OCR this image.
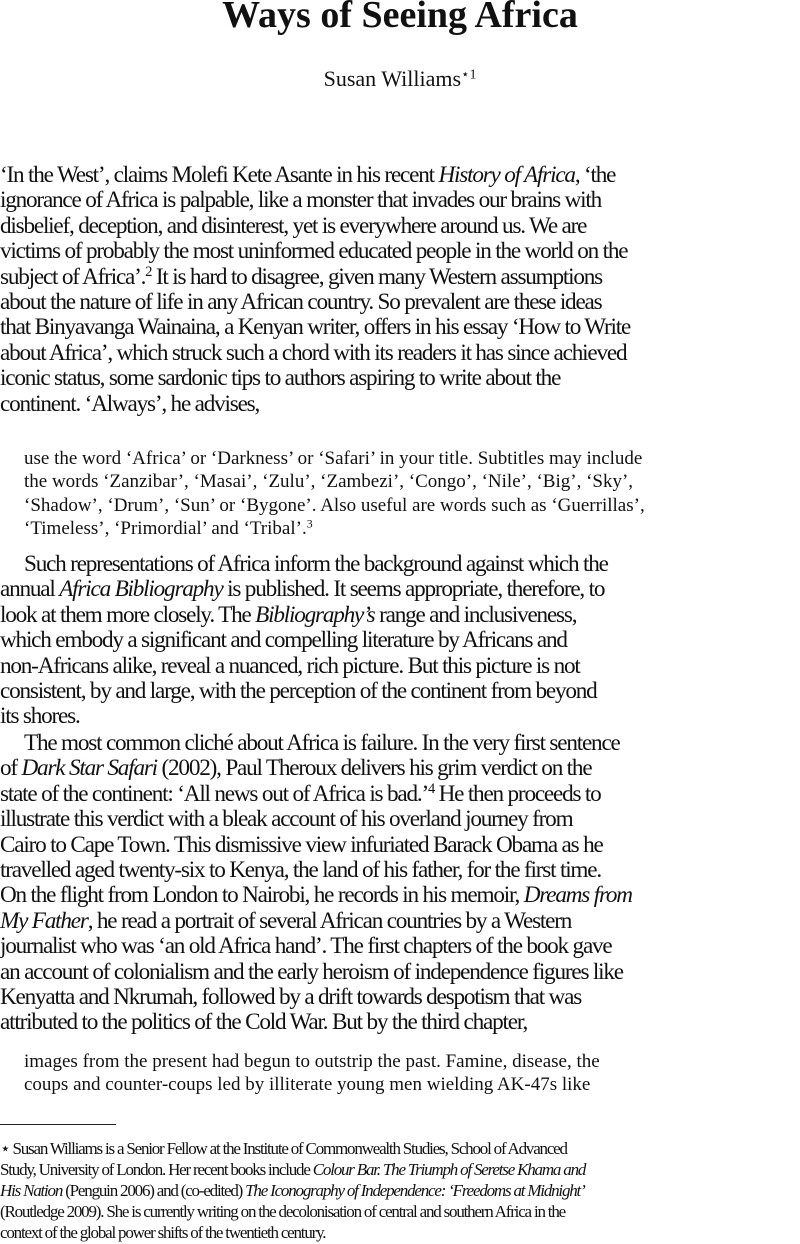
Ways of Seeing Africa
Susan Williams$^{⋆1}$
‘In the West’, claims Molefi Kete Asante in his recent History of Africa, ‘the
ignorance of Africa is palpable, like a monster that invades our brains with
disbelief, deception, and disinterest, yet is everywhere around us. We are
victims of probably the most uninformed educated people in the world on the
subject of Africa’.$^2$ It is hard to disagree, given many Western assumptions
about the nature of life in any African country. So prevalent are these ideas
that Binyavanga Wainaina, a Kenyan writer, offers in his essay ‘How to Write
about Africa’, which struck such a chord with its readers it has since achieved
iconic status, some sardonic tips to authors aspiring to write about the
continent. ‘Always’, he advises,
use the word ‘Africa’ or ‘Darkness’ or ‘Safari’ in your title. Subtitles may include
the words ‘Zanzibar’, ‘Masai’, ‘Zulu’, ‘Zambezi’, ‘Congo’, ‘Nile’, ‘Big’, ‘Sky’,
‘Shadow’, ‘Drum’, ‘Sun’ or ‘Bygone’. Also useful are words such as ‘Guerrillas’,
‘Timeless’, ‘Primordial’ and ‘Tribal’.$^3$
Such representations of Africa inform the background against which the
annual Africa Bibliography is published. It seems appropriate, therefore, to
look at them more closely. The Bibliography’s range and inclusiveness,
which embody a significant and compelling literature by Africans and
non-Africans alike, reveal a nuanced, rich picture. But this picture is not
consistent, by and large, with the perception of the continent from beyond
its shores.
The most common cliché about Africa is failure. In the very first sentence
of Dark Star Safari (2002), Paul Theroux delivers his grim verdict on the
state of the continent: ‘All news out of Africa is bad.’$^4$ He then proceeds to
illustrate this verdict with a bleak account of his overland journey from
Cairo to Cape Town. This dismissive view infuriated Barack Obama as he
travelled aged twenty-six to Kenya, the land of his father, for the first time.
On the flight from London to Nairobi, he records in his memoir, Dreams from
My Father, he read a portrait of several African countries by a Western
journalist who was ‘an old Africa hand’. The first chapters of the book gave
an account of colonialism and the early heroism of independence figures like
Kenyatta and Nkrumah, followed by a drift towards despotism that was
attributed to the politics of the Cold War. But by the third chapter,
images from the present had begun to outstrip the past. Famine, disease, the
coups and counter-coups led by illiterate young men wielding AK-47s like
⋆ Susan Williams is a Senior Fellow at the Institute of Commonwealth Studies, School of Advanced
Study, University of London. Her recent books include Colour Bar. The Triumph of Seretse Khama and
His Nation (Penguin 2006) and (co-edited) The Iconography of Independence: ‘Freedoms at Midnight’
(Routledge 2009). She is currently writing on the decolonisation of central and southern Africa in the
context of the global power shifts of the twentieth century.
